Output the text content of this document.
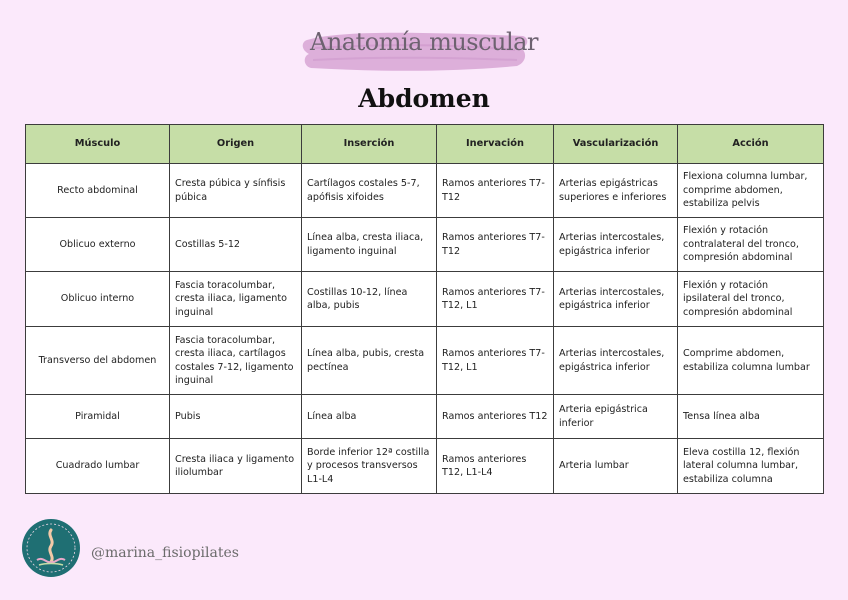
Anatomía muscular
Abdomen
Músculo	Origen	Inserción	Inervación	Vascularización	Acción
Recto abdominal	Cresta púbica y sínfisis púbica	Cartílagos costales 5-7, apófisis xifoides	Ramos anteriores T7-T12	Arterias epigástricas superiores e inferiores	Flexiona columna lumbar, comprime abdomen, estabiliza pelvis
Oblicuo externo	Costillas 5-12	Línea alba, cresta iliaca, ligamento inguinal	Ramos anteriores T7-T12	Arterias intercostales, epigástrica inferior	Flexión y rotación contralateral del tronco, compresión abdominal
Oblicuo interno	Fascia toracolumbar, cresta iliaca, ligamento inguinal	Costillas 10-12, línea alba, pubis	Ramos anteriores T7-T12, L1	Arterias intercostales, epigástrica inferior	Flexión y rotación ipsilateral del tronco, compresión abdominal
Transverso del abdomen	Fascia toracolumbar, cresta iliaca, cartílagos costales 7-12, ligamento inguinal	Línea alba, pubis, cresta pectínea	Ramos anteriores T7-T12, L1	Arterias intercostales, epigástrica inferior	Comprime abdomen, estabiliza columna lumbar
Piramidal	Pubis	Línea alba	Ramos anteriores T12	Arteria epigástrica inferior	Tensa línea alba
Cuadrado lumbar	Cresta iliaca y ligamento iliolumbar	Borde inferior 12ª costilla y procesos transversos L1-L4	Ramos anteriores T12, L1-L4	Arteria lumbar	Eleva costilla 12, flexión lateral columna lumbar, estabiliza columna
@marina_fisiopilates
